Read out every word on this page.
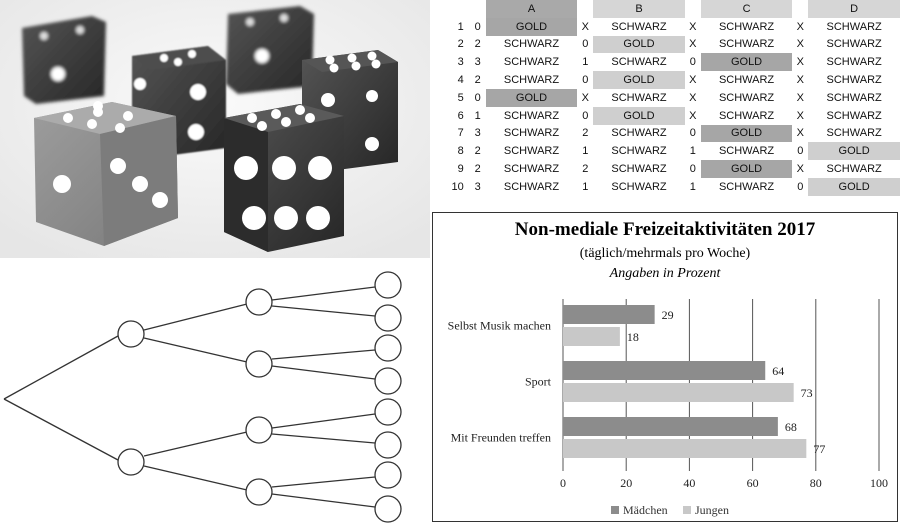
		A		B		C		D
1	0	GOLD	X	SCHWARZ	X	SCHWARZ	X	SCHWARZ
2	2	SCHWARZ	0	GOLD	X	SCHWARZ	X	SCHWARZ
3	3	SCHWARZ	1	SCHWARZ	0	GOLD	X	SCHWARZ
4	2	SCHWARZ	0	GOLD	X	SCHWARZ	X	SCHWARZ
5	0	GOLD	X	SCHWARZ	X	SCHWARZ	X	SCHWARZ
6	1	SCHWARZ	0	GOLD	X	SCHWARZ	X	SCHWARZ
7	3	SCHWARZ	2	SCHWARZ	0	GOLD	X	SCHWARZ
8	2	SCHWARZ	1	SCHWARZ	1	SCHWARZ	0	GOLD
9	2	SCHWARZ	2	SCHWARZ	0	GOLD	X	SCHWARZ
10	3	SCHWARZ	1	SCHWARZ	1	SCHWARZ	0	GOLD
Non-mediale Freizeitaktivitäten 2017
(täglich/mehrmals pro Woche)
Angaben in Prozent
0	20	40	60	80	100
Selbst Musik machen
29
18
Sport
64
73
Mit Freunden treffen
68
77
Mädchen Jungen
